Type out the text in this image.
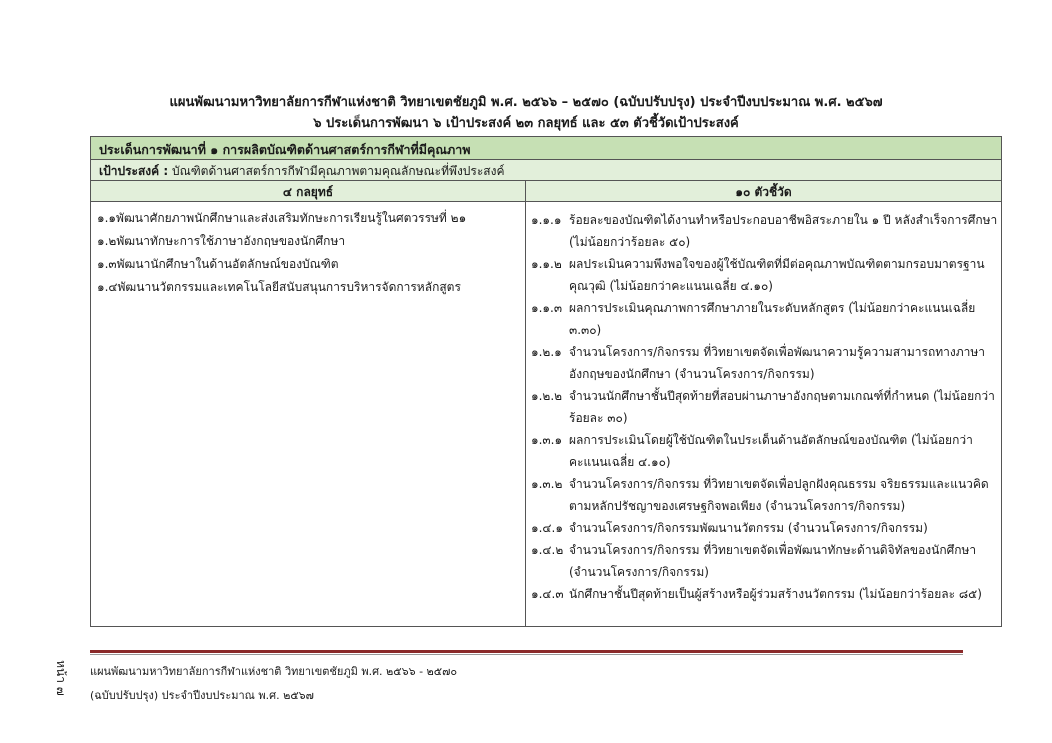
แผนพัฒนามหาวิทยาลัยการกีฬาแห่งชาติ วิทยาเขตชัยภูมิ พ.ศ. ๒๕๖๖ – ๒๕๗๐ (ฉบับปรับปรุง) ประจำปีงบประมาณ พ.ศ. ๒๕๖๗
๖ ประเด็นการพัฒนา ๖ เป้าประสงค์ ๒๓ กลยุทธ์ และ ๕๓ ตัวชี้วัดเป้าประสงค์
ประเด็นการพัฒนาที่ ๑ การผลิตบัณฑิตด้านศาสตร์การกีฬาที่มีคุณภาพ
เป้าประสงค์ : บัณฑิตด้านศาสตร์การกีฬามีคุณภาพตามคุณลักษณะที่พึงประสงค์
๔ กลยุทธ์	๑๐ ตัวชี้วัด
๑.๑พัฒนาศักยภาพนักศึกษาและส่งเสริมทักษะการเรียนรู้ในศตวรรษที่ ๒๑
๑.๒พัฒนาทักษะการใช้ภาษาอังกฤษของนักศึกษา
๑.๓พัฒนานักศึกษาในด้านอัตลักษณ์ของบัณฑิต
๑.๔พัฒนานวัตกรรมและเทคโนโลยีสนับสนุนการบริหารจัดการหลักสูตร
๑.๑.๑ ร้อยละของบัณฑิตได้งานทำหรือประกอบอาชีพอิสระภายใน ๑ ปี หลังสำเร็จการศึกษา (ไม่น้อยกว่าร้อยละ ๕๐)
๑.๑.๒ ผลประเมินความพึงพอใจของผู้ใช้บัณฑิตที่มีต่อคุณภาพบัณฑิตตามกรอบมาตรฐานคุณวุฒิ (ไม่น้อยกว่าคะแนนเฉลี่ย ๔.๑๐)
๑.๑.๓ ผลการประเมินคุณภาพการศึกษาภายในระดับหลักสูตร (ไม่น้อยกว่าคะแนนเฉลี่ย ๓.๓๐)
๑.๒.๑ จำนวนโครงการ/กิจกรรม ที่วิทยาเขตจัดเพื่อพัฒนาความรู้ความสามารถทางภาษาอังกฤษของนักศึกษา (จำนวนโครงการ/กิจกรรม)
๑.๒.๒ จำนวนนักศึกษาชั้นปีสุดท้ายที่สอบผ่านภาษาอังกฤษตามเกณฑ์ที่กำหนด (ไม่น้อยกว่าร้อยละ ๓๐)
๑.๓.๑ ผลการประเมินโดยผู้ใช้บัณฑิตในประเด็นด้านอัตลักษณ์ของบัณฑิต (ไม่น้อยกว่าคะแนนเฉลี่ย ๔.๑๐)
๑.๓.๒ จำนวนโครงการ/กิจกรรม ที่วิทยาเขตจัดเพื่อปลูกฝังคุณธรรม จริยธรรมและแนวคิดตามหลักปรัชญาของเศรษฐกิจพอเพียง (จำนวนโครงการ/กิจกรรม)
๑.๔.๑ จำนวนโครงการ/กิจกรรมพัฒนานวัตกรรม (จำนวนโครงการ/กิจกรรม)
๑.๔.๒ จำนวนโครงการ/กิจกรรม ที่วิทยาเขตจัดเพื่อพัฒนาทักษะด้านดิจิทัลของนักศึกษา (จำนวนโครงการ/กิจกรรม)
๑.๔.๓ นักศึกษาชั้นปีสุดท้ายเป็นผู้สร้างหรือผู้ร่วมสร้างนวัตกรรม (ไม่น้อยกว่าร้อยละ ๘๕)
แผนพัฒนามหาวิทยาลัยการกีฬาแห่งชาติ วิทยาเขตชัยภูมิ พ.ศ. ๒๕๖๖ - ๒๕๗๐
(ฉบับปรับปรุง) ประจำปีงบประมาณ พ.ศ. ๒๕๖๗
หน้า ๗
